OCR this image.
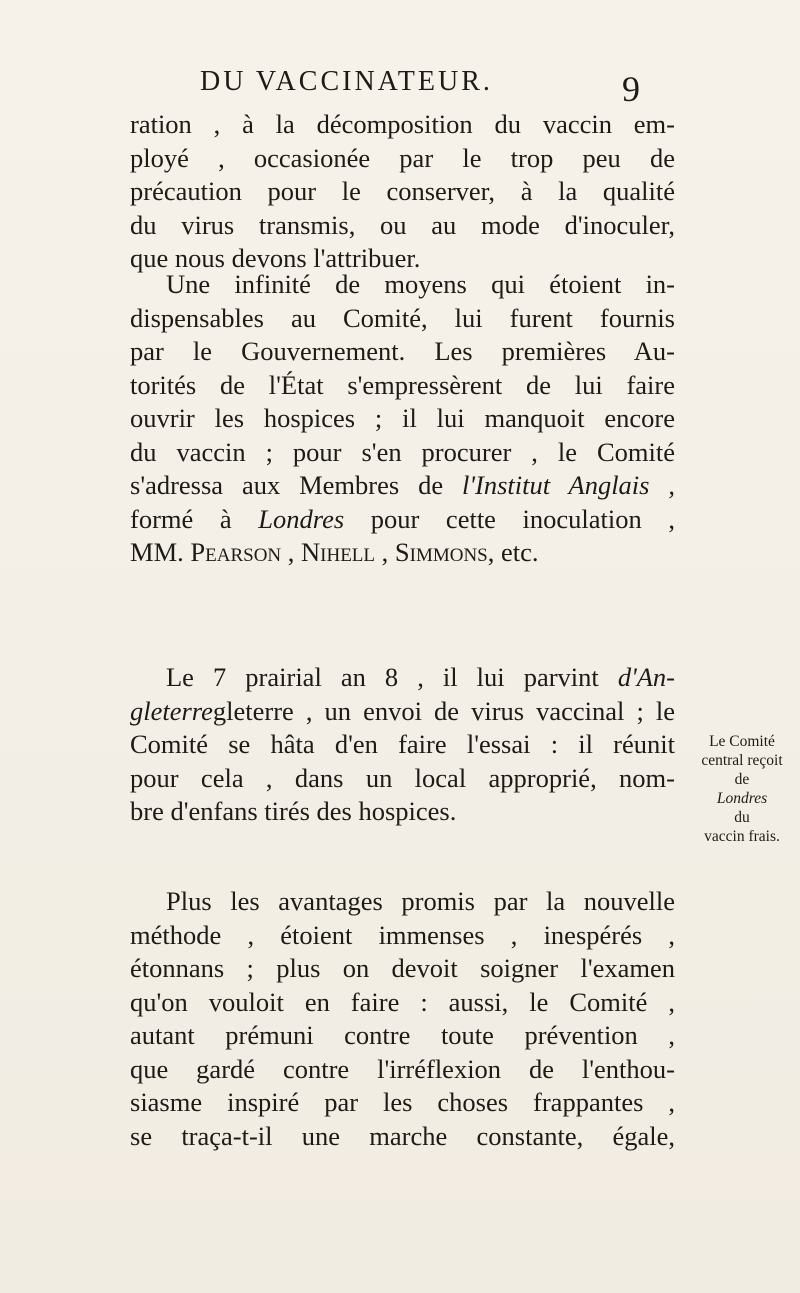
DU VACCINATEUR.	9

ration , à la décomposition du vaccin em-
ployé , occasionée par le trop peu de
précaution pour le conserver, à la qualité
du virus transmis, ou au mode d'inoculer,
que nous devons l'attribuer.

Une infinité de moyens qui étoient in-
dispensables au Comité, lui furent fournis
par le Gouvernement. Les premières Au-
torités de l'État s'empressèrent de lui faire
ouvrir les hospices ; il lui manquoit encore
du vaccin ; pour s'en procurer , le Comité
s'adressa aux Membres de l'Institut Anglais ,
formé à Londres pour cette inoculation ,
MM. Pearson , Nihell , Simmons, etc.

Le 7 prairial an 8 , il lui parvint d'An-
gleterregleterre , un envoi de virus vaccinal ; le
Comité se hâta d'en faire l'essai : il réunit
pour cela , dans un local approprié, nom-
bre d'enfans tirés des hospices.

Le Comité
central reçoit
de
Londres
du
vaccin frais.

Plus les avantages promis par la nouvelle
méthode , étoient immenses , inespérés ,
étonnans ; plus on devoit soigner l'examen
qu'on vouloit en faire : aussi, le Comité ,
autant prémuni contre toute prévention ,
que gardé contre l'irréflexion de l'enthou-
siasme inspiré par les choses frappantes ,
se traça-t-il une marche constante, égale,
